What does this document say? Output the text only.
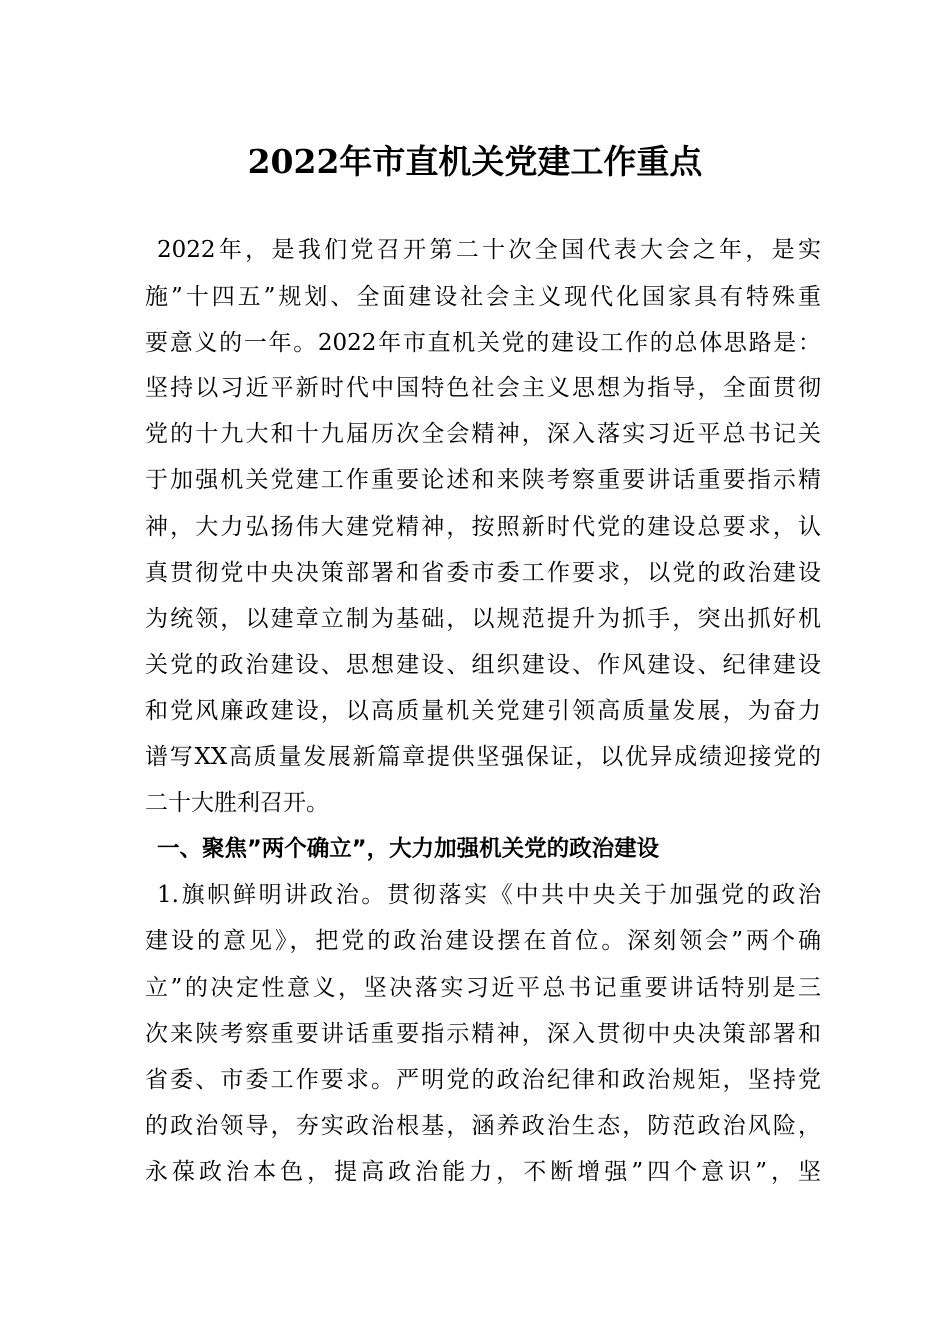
2022年市直机关党建工作重点
2022年，是我们党召开第二十次全国代表大会之年，是实
施”十四五”规划、全面建设社会主义现代化国家具有特殊重
要意义的一年。2022年市直机关党的建设工作的总体思路是：
坚持以习近平新时代中国特色社会主义思想为指导，全面贯彻
党的十九大和十九届历次全会精神，深入落实习近平总书记关
于加强机关党建工作重要论述和来陕考察重要讲话重要指示精
神，大力弘扬伟大建党精神，按照新时代党的建设总要求，认
真贯彻党中央决策部署和省委市委工作要求，以党的政治建设
为统领，以建章立制为基础，以规范提升为抓手，突出抓好机
关党的政治建设、思想建设、组织建设、作风建设、纪律建设
和党风廉政建设，以高质量机关党建引领高质量发展，为奋力
谱写XX高质量发展新篇章提供坚强保证，以优异成绩迎接党的
二十大胜利召开。
一、聚焦”两个确立”，大力加强机关党的政治建设
1.旗帜鲜明讲政治。贯彻落实《中共中央关于加强党的政治
建设的意见》，把党的政治建设摆在首位。深刻领会”两个确
立”的决定性意义，坚决落实习近平总书记重要讲话特别是三
次来陕考察重要讲话重要指示精神，深入贯彻中央决策部署和
省委、市委工作要求。严明党的政治纪律和政治规矩，坚持党
的政治领导，夯实政治根基，涵养政治生态，防范政治风险，
永葆政治本色，提高政治能力，不断增强”四个意识”，坚
